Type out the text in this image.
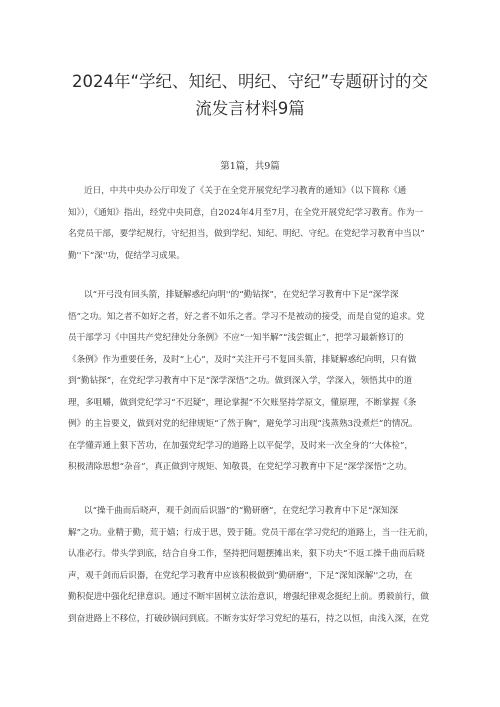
2024年“学纪、知纪、明纪、守纪”专题研讨的交
流发言材料9篇
第1篇，共9篇
近日，中共中央办公厅印发了《关于在全党开展党纪学习教育的通知》（以下简称《通
知》），《通知》指出，经党中央同意，自2024年4月至7月，在全党开展党纪学习教育。作为一
名党员干部，要学纪规行，守纪担当，做到学纪、知纪、明纪、守纪。在党纪学习教育中当以”
勤''下“深''功，促结学习成果。
以“开弓没有回头箭，排疑解惑纪向明''的“勤钻探”，在党纪学习教育中下足“深学深
悟”之功。知之者不如好之者，好之者不如乐之者。学习不是被动的接受，而是自觉的追求。党
员干部学习《中国共产党纪律处分条例》不应“一知半解”“浅尝辄止”，把学习最新修订的
《条例》作为重要任务，及时“上心”，及时“关注开弓不复回头箭，排疑解惑纪向明，只有做
到“勤钻探”，在党纪学习教育中下足“深学深悟”之功。做到深入学，学深入，领悟其中的道
理，多咀嚼，做到党纪学习“不迟疑”，理论掌握“不欠账坚持学原文，懂原理，不断掌握《条
例》的主旨要义，做到对党的纪律规矩“了然于胸”，避免学习出现“浅蒸熟3没煮烂”的情况。
在学懂弄通上狠下苦功，在加强党纪学习的道路上以平促学，及时来一次全身的‘‘大体检”，
积极清除思想“杂音”，真正做到守规矩、知敬畏，在党纪学习教育中下足“深学深悟”之功。
以“操千曲而后晓声，观千剑而后识器”的“勤研磨”，在党纪学习教育中下足“深知深
解”之功。业精于勤，荒于嬉；行成于思，毁于随。党员干部在学习党纪的道路上，当一往无前，
认准必行。带头学到底，结合自身工作，坚持把问题摆摊出来，狠下功夫“不返工操千曲而后晓
声，观千剑而后识器，在党纪学习教育中应该积极做到“勤研磨”，下足“深知深解''之功，在
勤积促进中强化纪律意识。通过不断牢固树立法治意识，增强纪律观念挺纪上前。勇毅前行，做
到奋进路上不移位，打破砂锅问到底。不断夯实好学习党纪的基石，持之以恒，由浅入深，在党
